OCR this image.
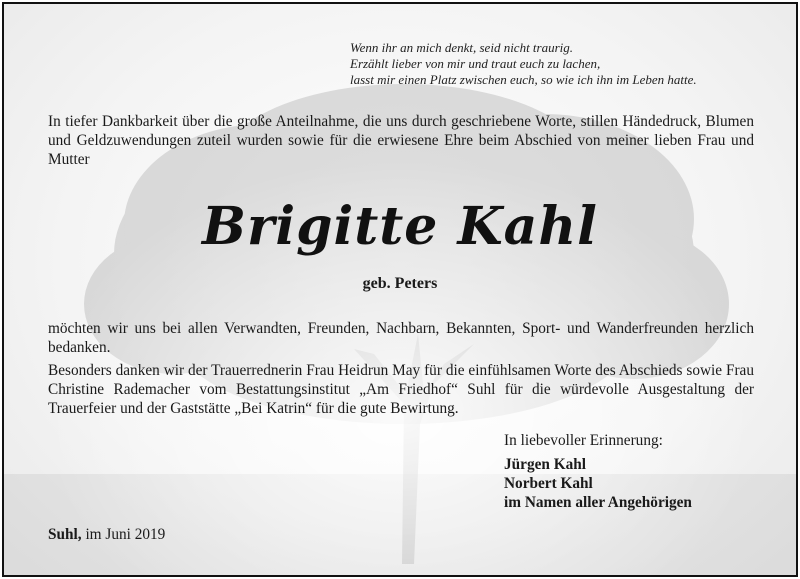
Wenn ihr an mich denkt, seid nicht traurig.
Erzählt lieber von mir und traut euch zu lachen,
lasst mir einen Platz zwischen euch, so wie ich ihn im Leben hatte.
In tiefer Dankbarkeit über die große Anteilnahme, die uns durch geschriebene Worte, stillen Händedruck, Blumen und Geldzuwendungen zuteil wurden sowie für die erwiesene Ehre beim Abschied von meiner lieben Frau und Mutter
Brigitte Kahl
geb. Peters

möchten wir uns bei allen Verwandten, Freunden, Nachbarn, Bekannten, Sport- und Wanderfreunden herzlich bedanken.

Besonders danken wir der Trauerrednerin Frau Heidrun May für die einfühlsamen Worte des Abschieds sowie Frau Christine Rademacher vom Bestattungsinstitut „Am Friedhof“ Suhl für die würdevolle Ausgestaltung der Trauerfeier und der Gaststätte „Bei Katrin“ für die gute Bewirtung.

In liebevoller Erinnerung:
Jürgen Kahl
Norbert Kahl
im Namen aller Angehörigen
Suhl, im Juni 2019
